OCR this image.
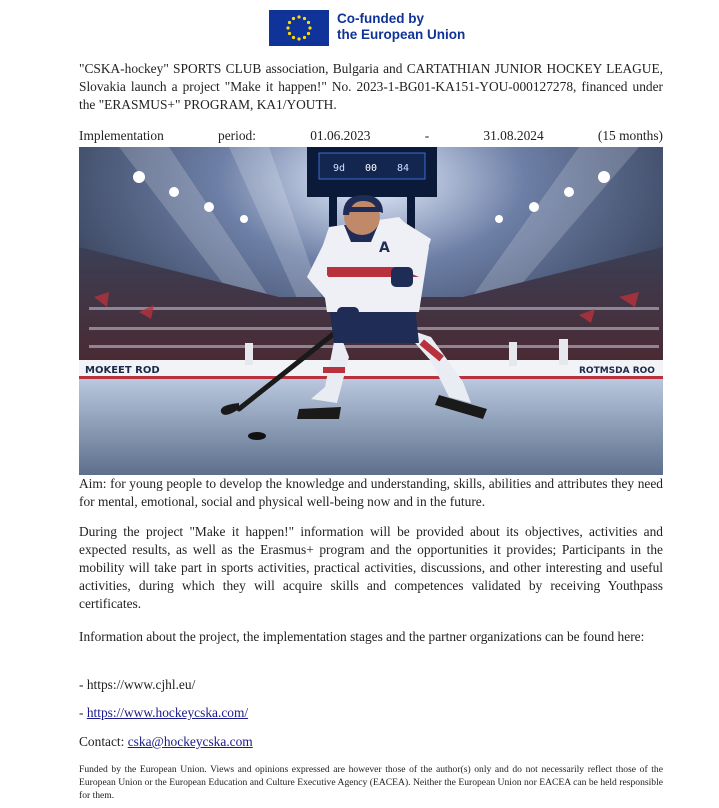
Co-funded by
the European Union

"CSKA-hockey" SPORTS CLUB association, Bulgaria and CARTATHIAN JUNIOR HOCKEY LEAGUE, Slovakia launch a project "Make it happen!" No. 2023-1-BG01-KA151-YOU-000127278, financed under the "ERASMUS+" PROGRAM, KA1/YOUTH.

Implementation	period:	01.06.2023	-	31.08.2024	(15 months)
9d 00 84
MOKEET ROD	ROTMSDA ROO
A

Aim: for young people to develop the knowledge and understanding, skills, abilities and attributes they need for mental, emotional, social and physical well-being now and in the future.

During the project "Make it happen!" information will be provided about its objectives, activities and expected results, as well as the Erasmus+ program and the opportunities it provides; Participants in the mobility will take part in sports activities, practical activities, discussions, and other interesting and useful activities, during which they will acquire skills and competences validated by receiving Youthpass certificates.

Information about the project, the implementation stages and the partner organizations can be found here:

- https://www.cjhl.eu/

- https://www.hockeycska.com/

Contact: cska@hockeycska.com

Funded by the European Union. Views and opinions expressed are however those of the author(s) only and do not necessarily reflect those of the European Union or the European Education and Culture Executive Agency (EACEA). Neither the European Union nor EACEA can be held responsible for them.
